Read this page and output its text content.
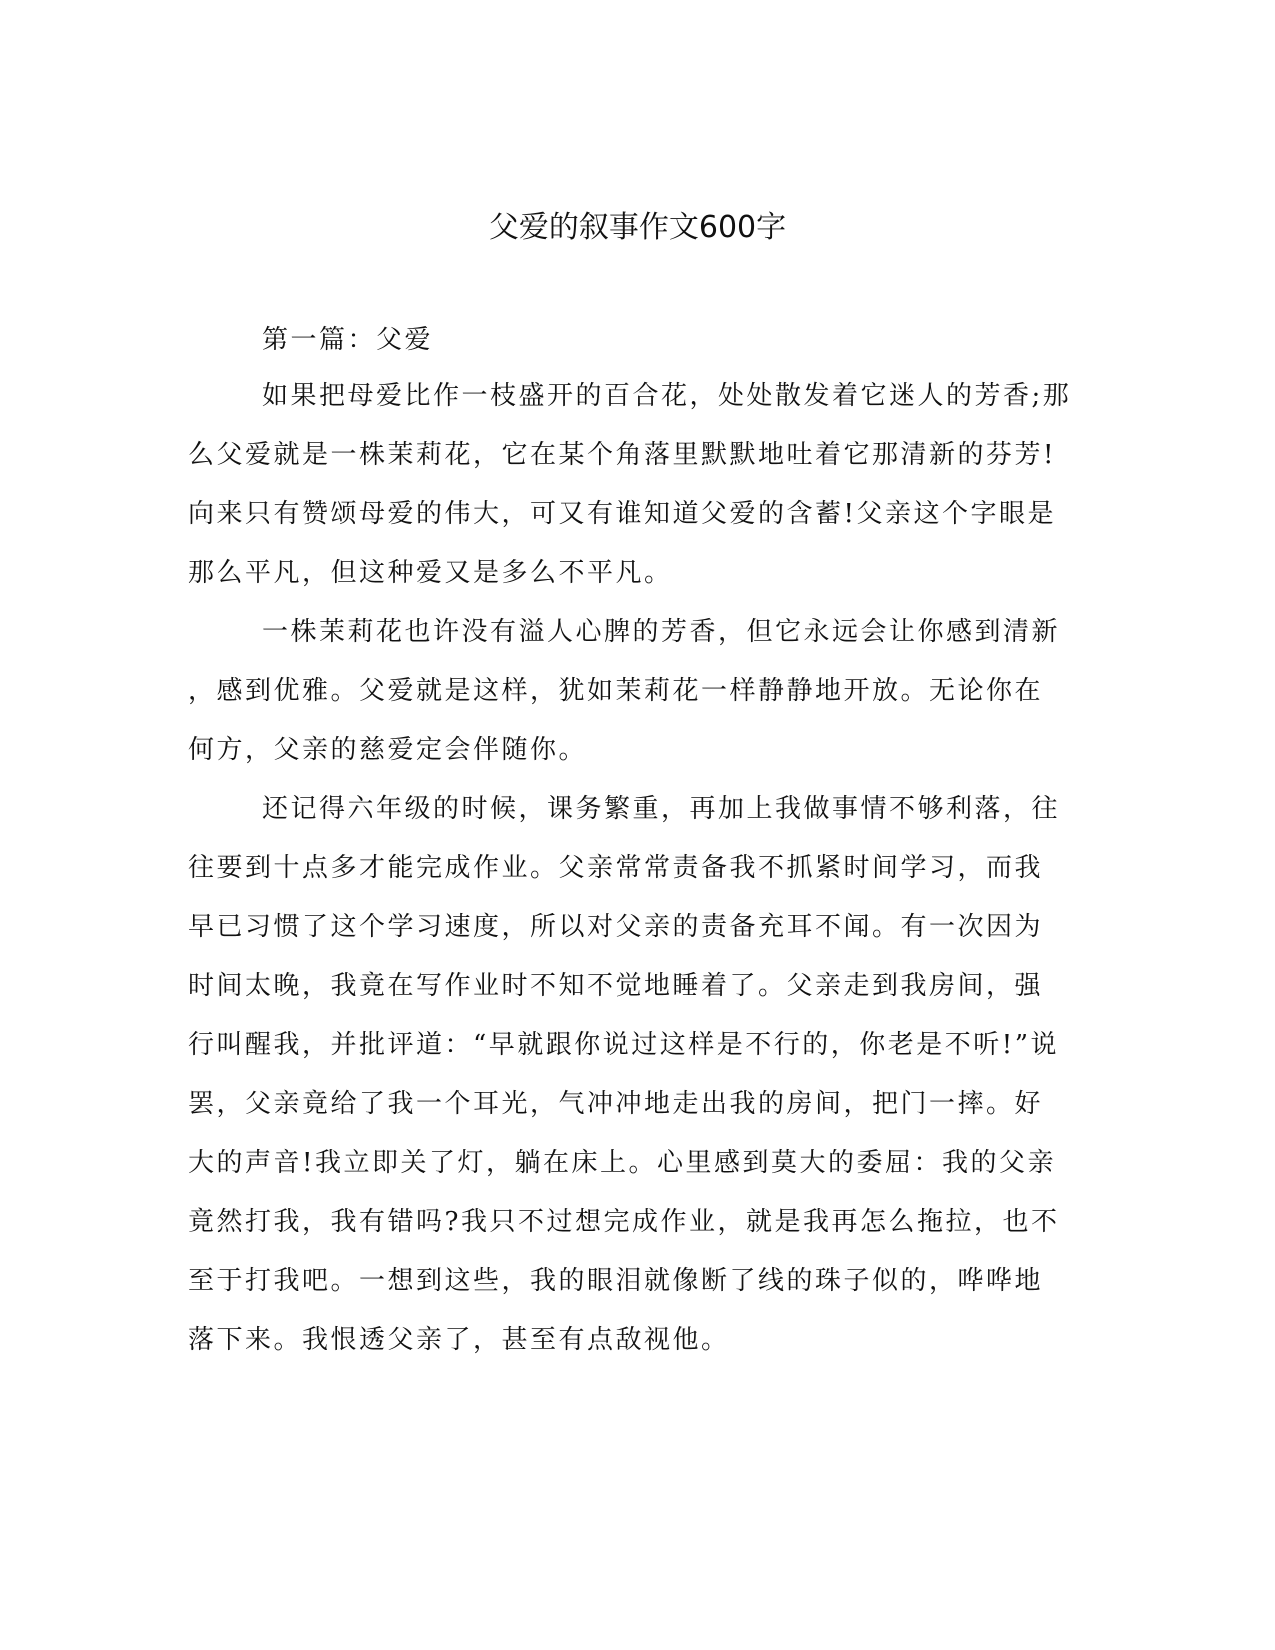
父爱的叙事作文600字

第一篇：父爱

如果把母爱比作一枝盛开的百合花，处处散发着它迷人的芳香;那

么父爱就是一株茉莉花，它在某个角落里默默地吐着它那清新的芬芳!

向来只有赞颂母爱的伟大，可又有谁知道父爱的含蓄!父亲这个字眼是

那么平凡，但这种爱又是多么不平凡。

一株茉莉花也许没有溢人心脾的芳香，但它永远会让你感到清新

，感到优雅。父爱就是这样，犹如茉莉花一样静静地开放。无论你在

何方，父亲的慈爱定会伴随你。

还记得六年级的时候，课务繁重，再加上我做事情不够利落，往

往要到十点多才能完成作业。父亲常常责备我不抓紧时间学习，而我

早已习惯了这个学习速度，所以对父亲的责备充耳不闻。有一次因为

时间太晚，我竟在写作业时不知不觉地睡着了。父亲走到我房间，强

行叫醒我，并批评道：“早就跟你说过这样是不行的，你老是不听!”说

罢，父亲竟给了我一个耳光，气冲冲地走出我的房间，把门一摔。好

大的声音!我立即关了灯，躺在床上。心里感到莫大的委屈：我的父亲

竟然打我，我有错吗?我只不过想完成作业，就是我再怎么拖拉，也不

至于打我吧。一想到这些，我的眼泪就像断了线的珠子似的，哗哗地

落下来。我恨透父亲了，甚至有点敌视他。
